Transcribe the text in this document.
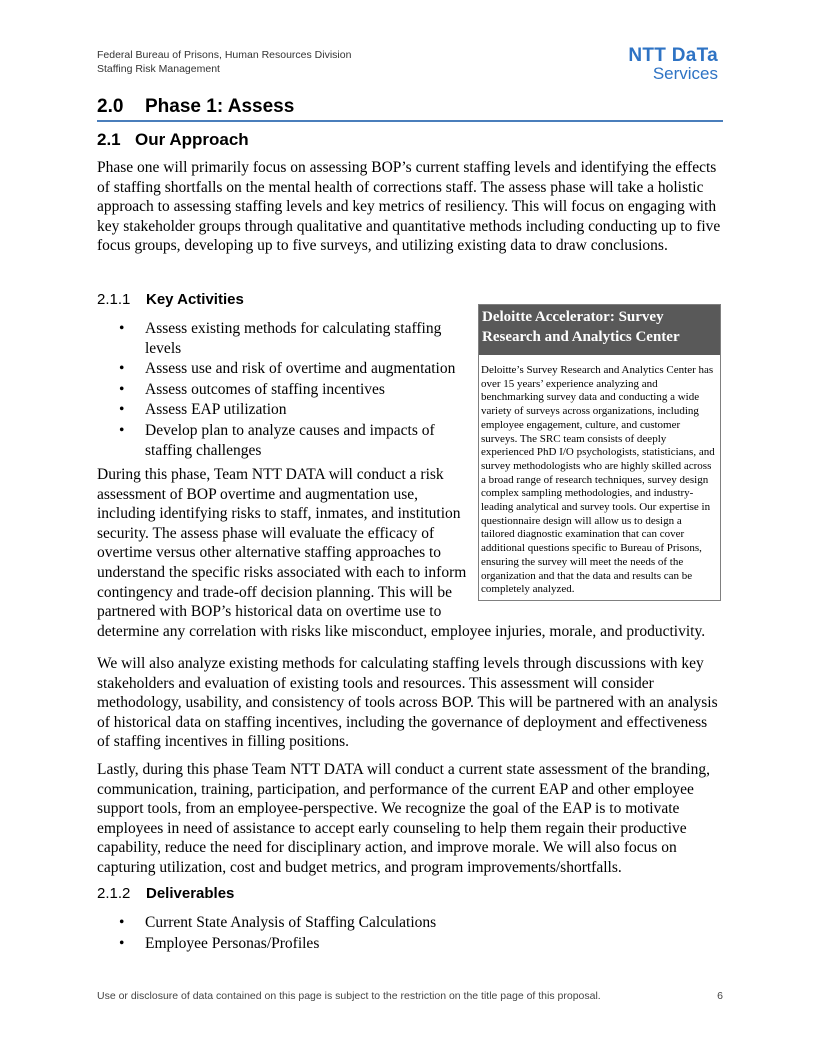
Federal Bureau of Prisons, Human Resources Division
Staffing Risk Management
NTT DaTa
Services
2.0 Phase 1: Assess
2.1 Our Approach
Phase one will primarily focus on assessing BOP’s current staffing levels and identifying the effects of staffing shortfalls on the mental health of corrections staff. The assess phase will take a holistic approach to assessing staffing levels and key metrics of resiliency. This will focus on engaging with key stakeholder groups through qualitative and quantitative methods including conducting up to five focus groups, developing up to five surveys, and utilizing existing data to draw conclusions.
2.1.1 Key Activities
• Assess existing methods for calculating staffing levels
• Assess use and risk of overtime and augmentation
• Assess outcomes of staffing incentives
• Assess EAP utilization
• Develop plan to analyze causes and impacts of staffing challenges
Deloitte Accelerator: Survey Research and Analytics Center
Deloitte’s Survey Research and Analytics Center has over 15 years’ experience analyzing and benchmarking survey data and conducting a wide variety of surveys across organizations, including employee engagement, culture, and customer surveys. The SRC team consists of deeply experienced PhD I/O psychologists, statisticians, and survey methodologists who are highly skilled across a broad range of research techniques, survey design complex sampling methodologies, and industry-leading analytical and survey tools. Our expertise in questionnaire design will allow us to design a tailored diagnostic examination that can cover additional questions specific to Bureau of Prisons, ensuring the survey will meet the needs of the organization and that the data and results can be completely analyzed.
During this phase, Team NTT DATA will conduct a risk assessment of BOP overtime and augmentation use, including identifying risks to staff, inmates, and institution security. The assess phase will evaluate the efficacy of overtime versus other alternative staffing approaches to understand the specific risks associated with each to inform contingency and trade-off decision planning. This will be partnered with BOP’s historical data on overtime use to determine any correlation with risks like misconduct, employee injuries, morale, and productivity.
We will also analyze existing methods for calculating staffing levels through discussions with key stakeholders and evaluation of existing tools and resources. This assessment will consider methodology, usability, and consistency of tools across BOP. This will be partnered with an analysis of historical data on staffing incentives, including the governance of deployment and effectiveness of staffing incentives in filling positions.
Lastly, during this phase Team NTT DATA will conduct a current state assessment of the branding, communication, training, participation, and performance of the current EAP and other employee support tools, from an employee-perspective. We recognize the goal of the EAP is to motivate employees in need of assistance to accept early counseling to help them regain their productive capability, reduce the need for disciplinary action, and improve morale. We will also focus on capturing utilization, cost and budget metrics, and program improvements/shortfalls.
2.1.2 Deliverables
• Current State Analysis of Staffing Calculations
• Employee Personas/Profiles
Use or disclosure of data contained on this page is subject to the restriction on the title page of this proposal.	6
